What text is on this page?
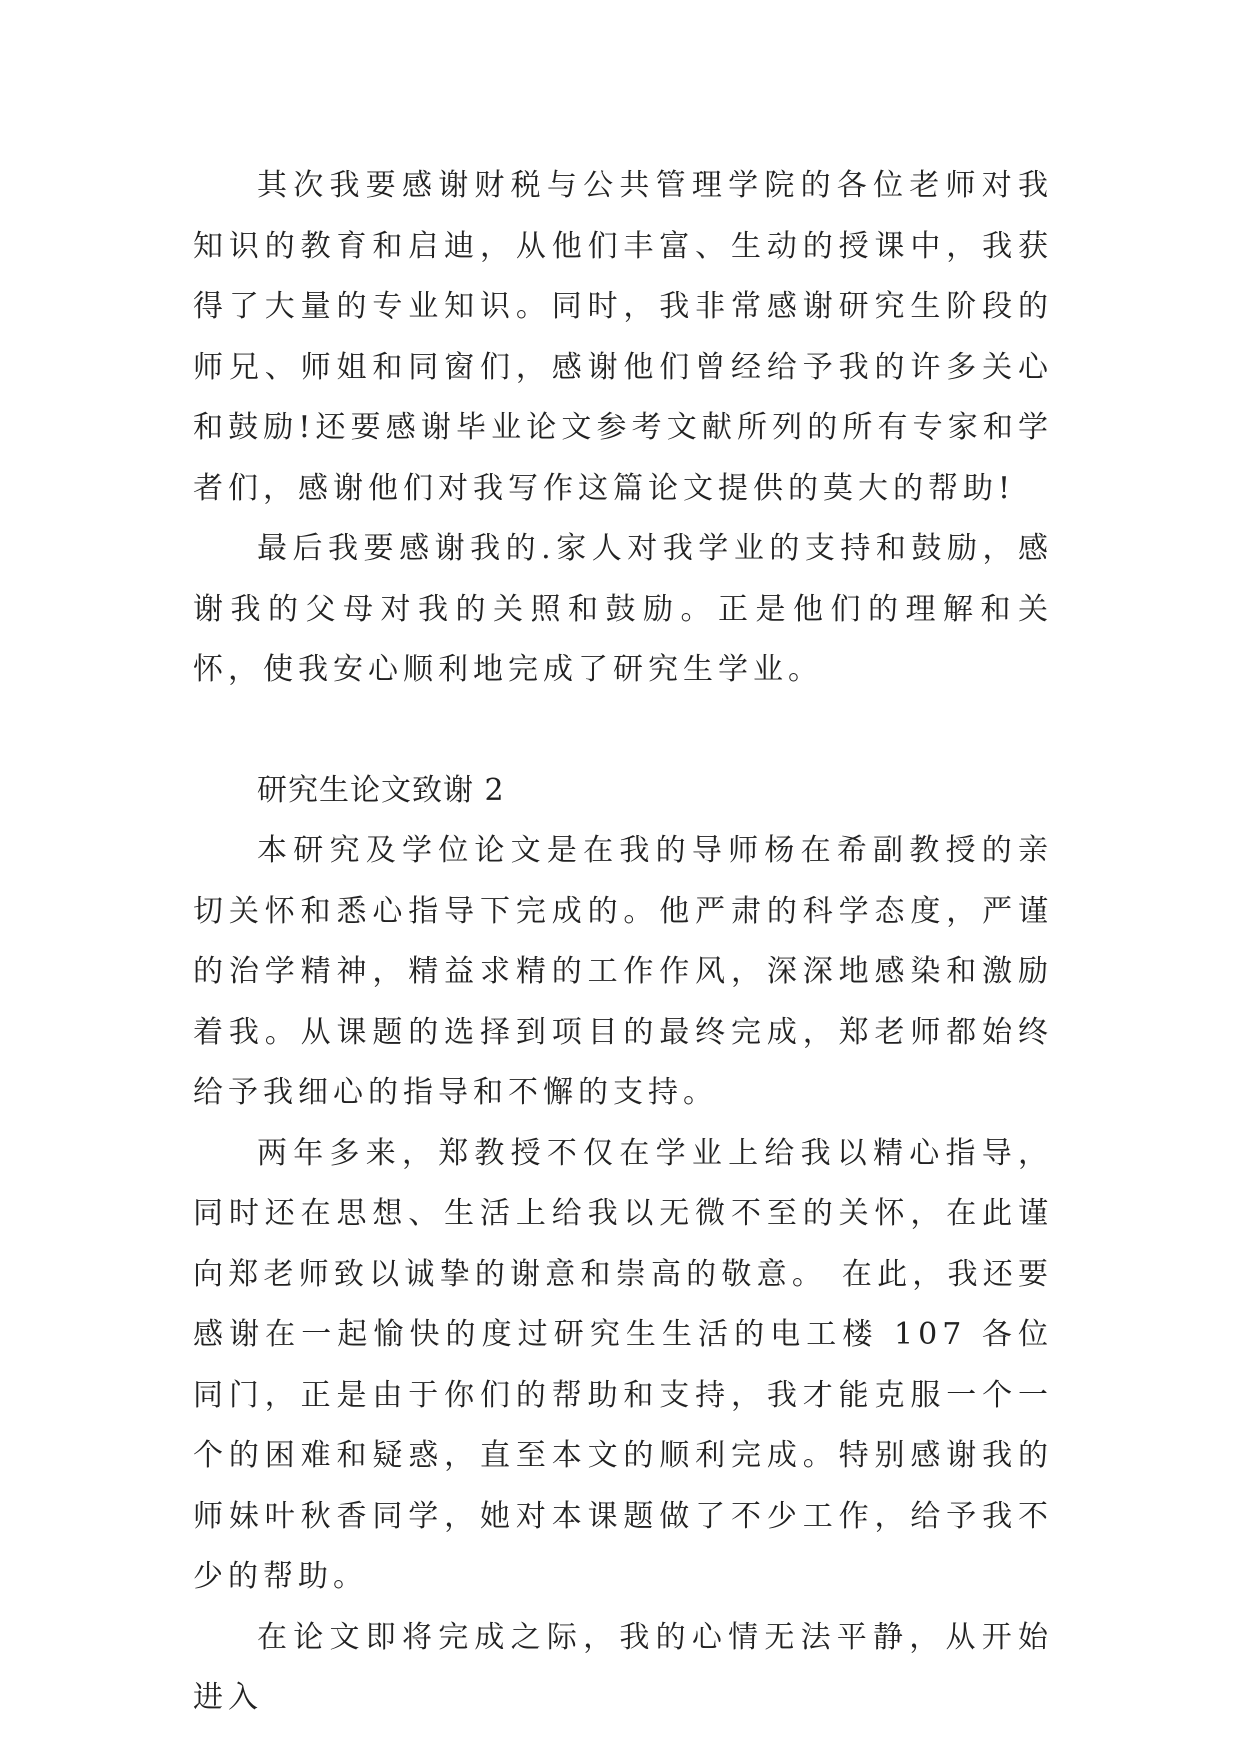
其次我要感谢财税与公共管理学院的各位老师对我知识的教育和启迪，从他们丰富、生动的授课中，我获得了大量的专业知识。同时，我非常感谢研究生阶段的师兄、师姐和同窗们，感谢他们曾经给予我的许多关心和鼓励!还要感谢毕业论文参考文献所列的所有专家和学者们，感谢他们对我写作这篇论文提供的莫大的帮助!

最后我要感谢我的.家人对我学业的支持和鼓励，感谢我的父母对我的关照和鼓励。正是他们的理解和关怀，使我安心顺利地完成了研究生学业。

研究生论文致谢 2

本研究及学位论文是在我的导师杨在希副教授的亲切关怀和悉心指导下完成的。他严肃的科学态度，严谨的治学精神，精益求精的工作作风，深深地感染和激励着我。从课题的选择到项目的最终完成，郑老师都始终给予我细心的指导和不懈的支持。

两年多来，郑教授不仅在学业上给我以精心指导，同时还在思想、生活上给我以无微不至的关怀，在此谨向郑老师致以诚挚的谢意和崇高的敬意。 在此，我还要感谢在一起愉快的度过研究生生活的电工楼 107 各位同门，正是由于你们的帮助和支持，我才能克服一个一个的困难和疑惑，直至本文的顺利完成。特别感谢我的师妹叶秋香同学，她对本课题做了不少工作，给予我不少的帮助。

在论文即将完成之际，我的心情无法平静，从开始进入
